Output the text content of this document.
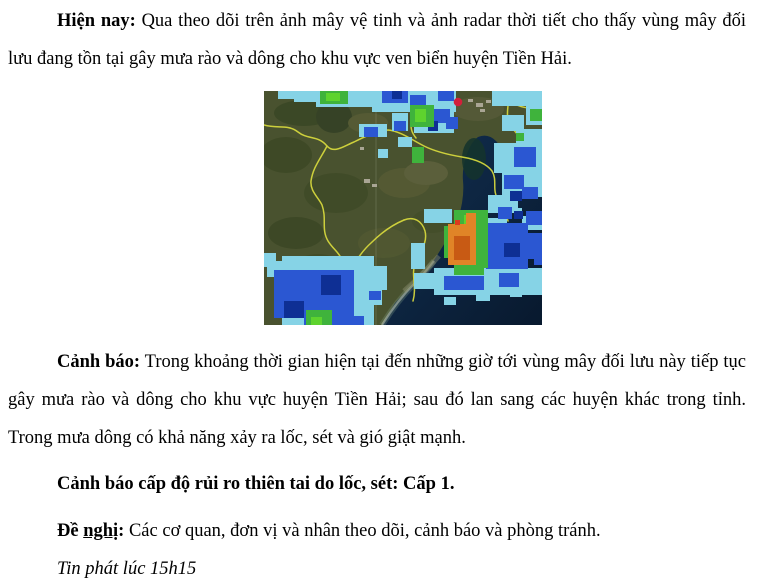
Hiện nay: Qua theo dõi trên ảnh mây vệ tinh và ảnh radar thời tiết cho thấy vùng mây đối lưu đang tồn tại gây mưa rào và dông cho khu vực ven biển huyện Tiền Hải.

Cảnh báo: Trong khoảng thời gian hiện tại đến những giờ tới vùng mây đối lưu này tiếp tục gây mưa rào và dông cho khu vực huyện Tiền Hải; sau đó lan sang các huyện khác trong tỉnh. Trong mưa dông có khả năng xảy ra lốc, sét và gió giật mạnh.

Cảnh báo cấp độ rủi ro thiên tai do lốc, sét: Cấp 1.

Đề nghị: Các cơ quan, đơn vị và nhân theo dõi, cảnh báo và phòng tránh.

Tin phát lúc 15h15
